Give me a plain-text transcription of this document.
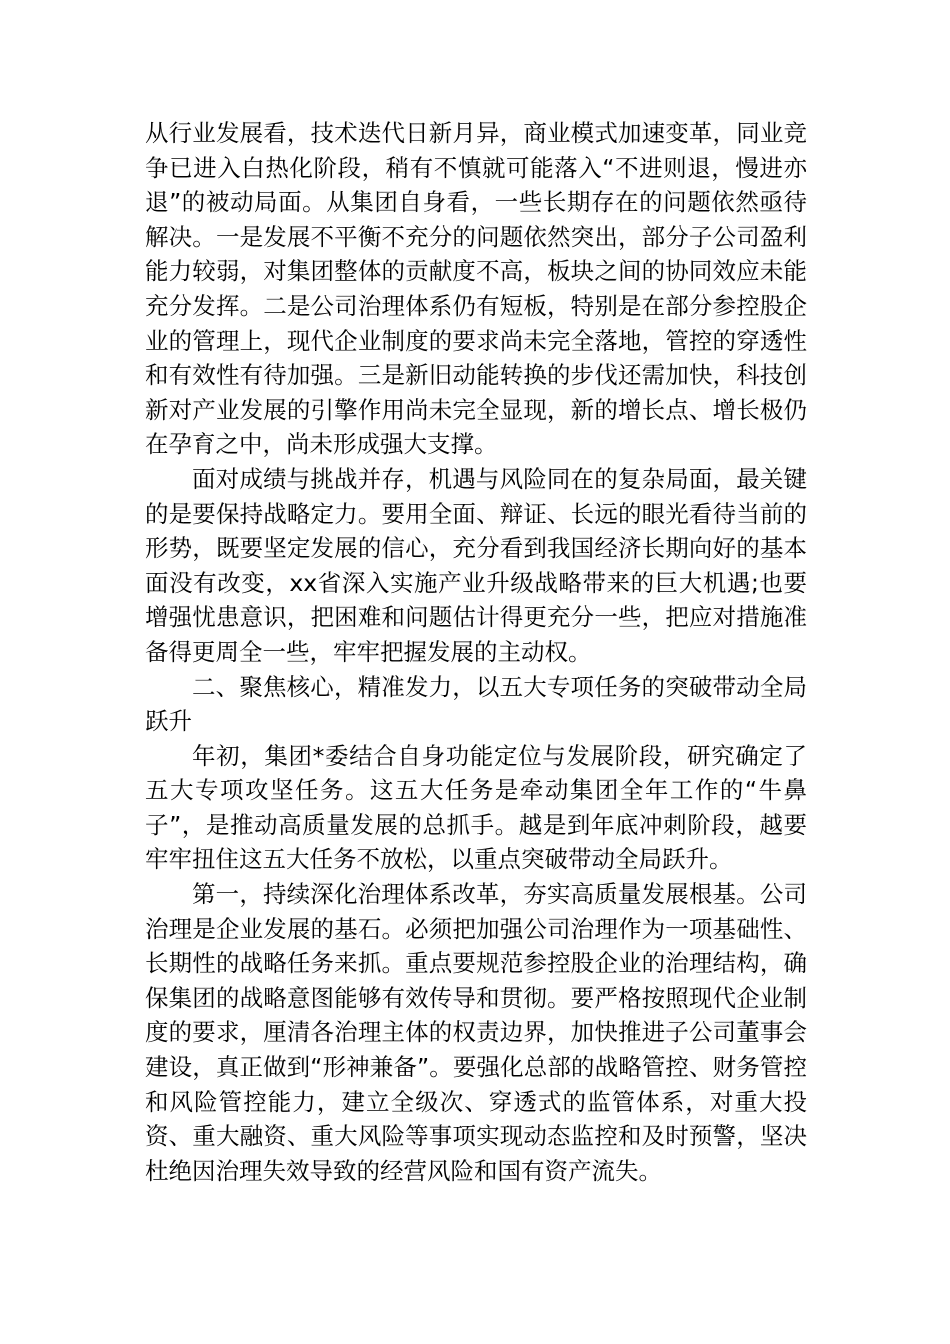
从行业发展看，技术迭代日新月异，商业模式加速变革，同业竞争已进入白热化阶段，稍有不慎就可能落入“不进则退，慢进亦退”的被动局面。从集团自身看，一些长期存在的问题依然亟待解决。一是发展不平衡不充分的问题依然突出，部分子公司盈利能力较弱，对集团整体的贡献度不高，板块之间的协同效应未能充分发挥。二是公司治理体系仍有短板，特别是在部分参控股企业的管理上，现代企业制度的要求尚未完全落地，管控的穿透性和有效性有待加强。三是新旧动能转换的步伐还需加快，科技创新对产业发展的引擎作用尚未完全显现，新的增长点、增长极仍在孕育之中，尚未形成强大支撑。

面对成绩与挑战并存，机遇与风险同在的复杂局面，最关键的是要保持战略定力。要用全面、辩证、长远的眼光看待当前的形势，既要坚定发展的信心，充分看到我国经济长期向好的基本面没有改变，xx省深入实施产业升级战略带来的巨大机遇;也要增强忧患意识，把困难和问题估计得更充分一些，把应对措施准备得更周全一些，牢牢把握发展的主动权。

二、聚焦核心，精准发力，以五大专项任务的突破带动全局跃升

年初，集团*委结合自身功能定位与发展阶段，研究确定了五大专项攻坚任务。这五大任务是牵动集团全年工作的“牛鼻子”，是推动高质量发展的总抓手。越是到年底冲刺阶段，越要牢牢扭住这五大任务不放松，以重点突破带动全局跃升。

第一，持续深化治理体系改革，夯实高质量发展根基。公司治理是企业发展的基石。必须把加强公司治理作为一项基础性、长期性的战略任务来抓。重点要规范参控股企业的治理结构，确保集团的战略意图能够有效传导和贯彻。要严格按照现代企业制度的要求，厘清各治理主体的权责边界，加快推进子公司董事会建设，真正做到“形神兼备”。要强化总部的战略管控、财务管控和风险管控能力，建立全级次、穿透式的监管体系，对重大投资、重大融资、重大风险等事项实现动态监控和及时预警，坚决杜绝因治理失效导致的经营风险和国有资产流失。
